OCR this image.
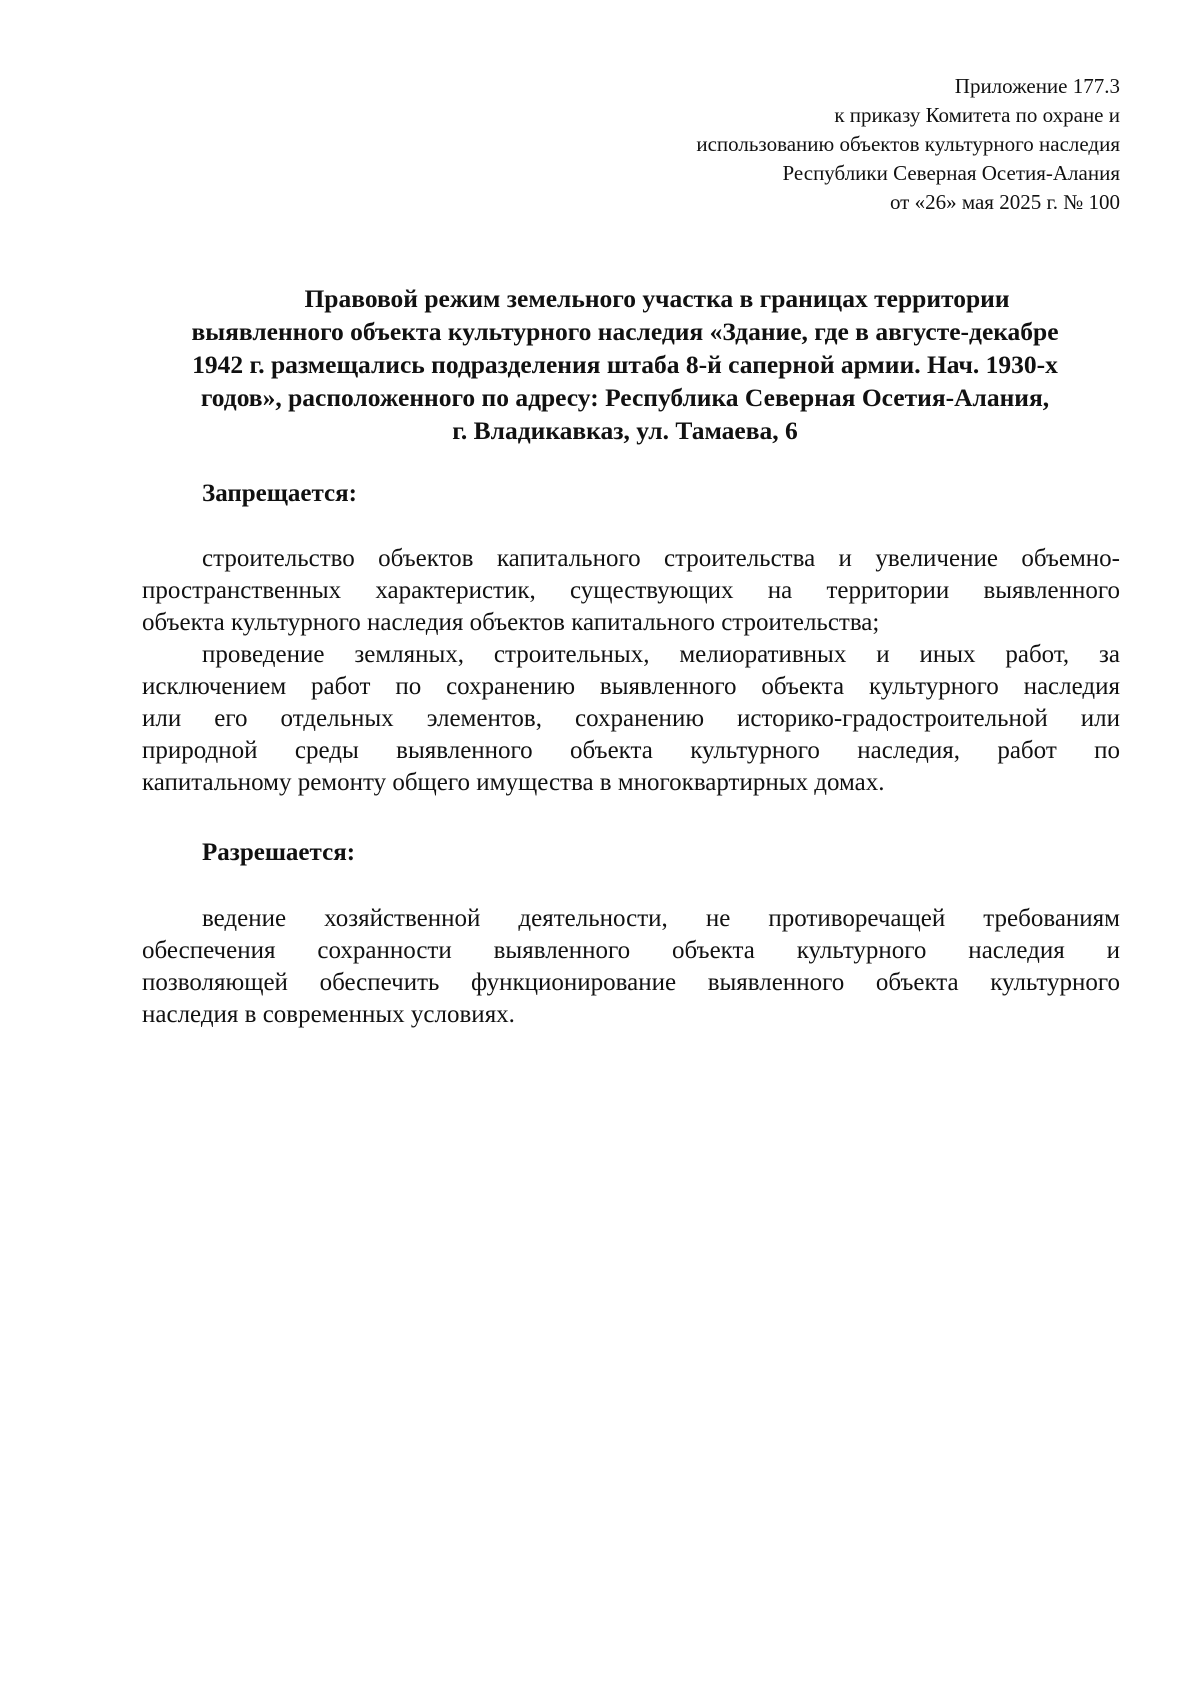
Приложение 177.3
к приказу Комитета по охране и
использованию объектов культурного наследия
Республики Северная Осетия-Алания
от «26» мая 2025 г. № 100
Правовой режим земельного участка в границах территории
выявленного объекта культурного наследия «Здание, где в августе-декабре
1942 г. размещались подразделения штаба 8-й саперной армии. Нач. 1930-х
годов», расположенного по адресу: Республика Северная Осетия-Алания,
г. Владикавказ, ул. Тамаева, 6
Запрещается:
строительство объектов капитального строительства и увеличение объемно-
пространственных характеристик, существующих на территории выявленного
объекта культурного наследия объектов капитального строительства;
проведение земляных, строительных, мелиоративных и иных работ, за
исключением работ по сохранению выявленного объекта культурного наследия
или его отдельных элементов, сохранению историко-градостроительной или
природной среды выявленного объекта культурного наследия, работ по
капитальному ремонту общего имущества в многоквартирных домах.
Разрешается:
ведение хозяйственной деятельности, не противоречащей требованиям
обеспечения сохранности выявленного объекта культурного наследия и
позволяющей обеспечить функционирование выявленного объекта культурного
наследия в современных условиях.
